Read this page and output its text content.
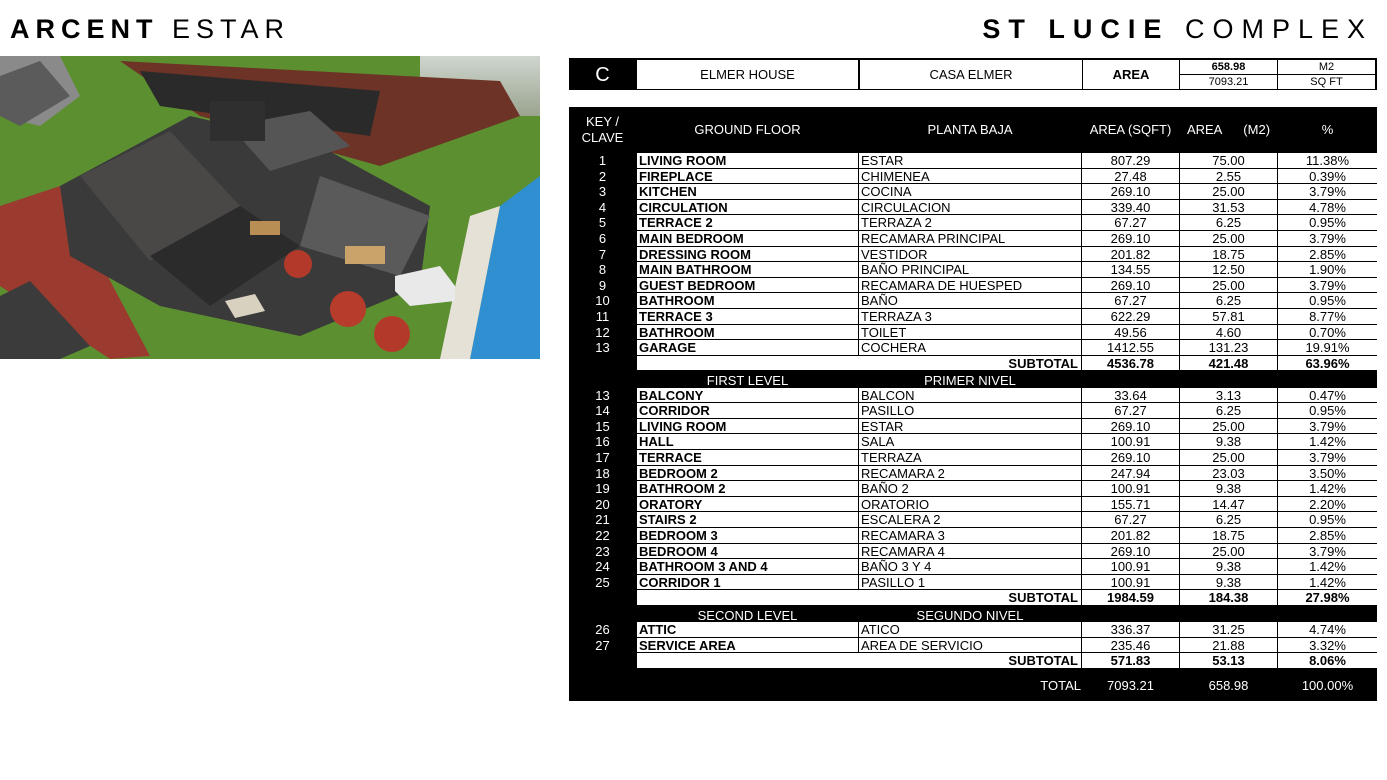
ARCENT ESTAR	ST LUCIE COMPLEX
C	ELMER HOUSE	CASA ELMER	AREA	658.98	M2
7093.21	SQ FT
KEY /
CLAVE
GROUND FLOOR	PLANTA BAJA	AREA (SQFT)	AREA      (M2)	%
1	LIVING ROOM	ESTAR	807.29	75.00	11.38%
2	FIREPLACE	CHIMENEA	27.48	2.55	0.39%
3	KITCHEN	COCINA	269.10	25.00	3.79%
4	CIRCULATION	CIRCULACION	339.40	31.53	4.78%
5	TERRACE 2	TERRAZA 2	67.27	6.25	0.95%
6	MAIN BEDROOM	RECAMARA PRINCIPAL	269.10	25.00	3.79%
7	DRESSING ROOM	VESTIDOR	201.82	18.75	2.85%
8	MAIN BATHROOM	BAÑO PRINCIPAL	134.55	12.50	1.90%
9	GUEST BEDROOM	RECAMARA DE HUESPED	269.10	25.00	3.79%
10	BATHROOM	BAÑO	67.27	6.25	0.95%
11	TERRACE 3	TERRAZA 3	622.29	57.81	8.77%
12	BATHROOM	TOILET	49.56	4.60	0.70%
13	GARAGE	COCHERA	1412.55	131.23	19.91%
SUBTOTAL	4536.78	421.48	63.96%
FIRST LEVEL	PRIMER NIVEL
13	BALCONY	BALCON	33.64	3.13	0.47%
14	CORRIDOR	PASILLO	67.27	6.25	0.95%
15	LIVING ROOM	ESTAR	269.10	25.00	3.79%
16	HALL	SALA	100.91	9.38	1.42%
17	TERRACE	TERRAZA	269.10	25.00	3.79%
18	BEDROOM 2	RECAMARA 2	247.94	23.03	3.50%
19	BATHROOM 2	BAÑO 2	100.91	9.38	1.42%
20	ORATORY	ORATORIO	155.71	14.47	2.20%
21	STAIRS 2	ESCALERA 2	67.27	6.25	0.95%
22	BEDROOM 3	RECAMARA 3	201.82	18.75	2.85%
23	BEDROOM 4	RECAMARA 4	269.10	25.00	3.79%
24	BATHROOM 3 AND 4	BAÑO 3 Y 4	100.91	9.38	1.42%
25	CORRIDOR 1	PASILLO 1	100.91	9.38	1.42%
SUBTOTAL	1984.59	184.38	27.98%
SECOND LEVEL	SEGUNDO NIVEL
26	ATTIC	ATICO	336.37	31.25	4.74%
27	SERVICE AREA	AREA DE SERVICIO	235.46	21.88	3.32%
SUBTOTAL	571.83	53.13	8.06%
TOTAL	7093.21	658.98	100.00%
